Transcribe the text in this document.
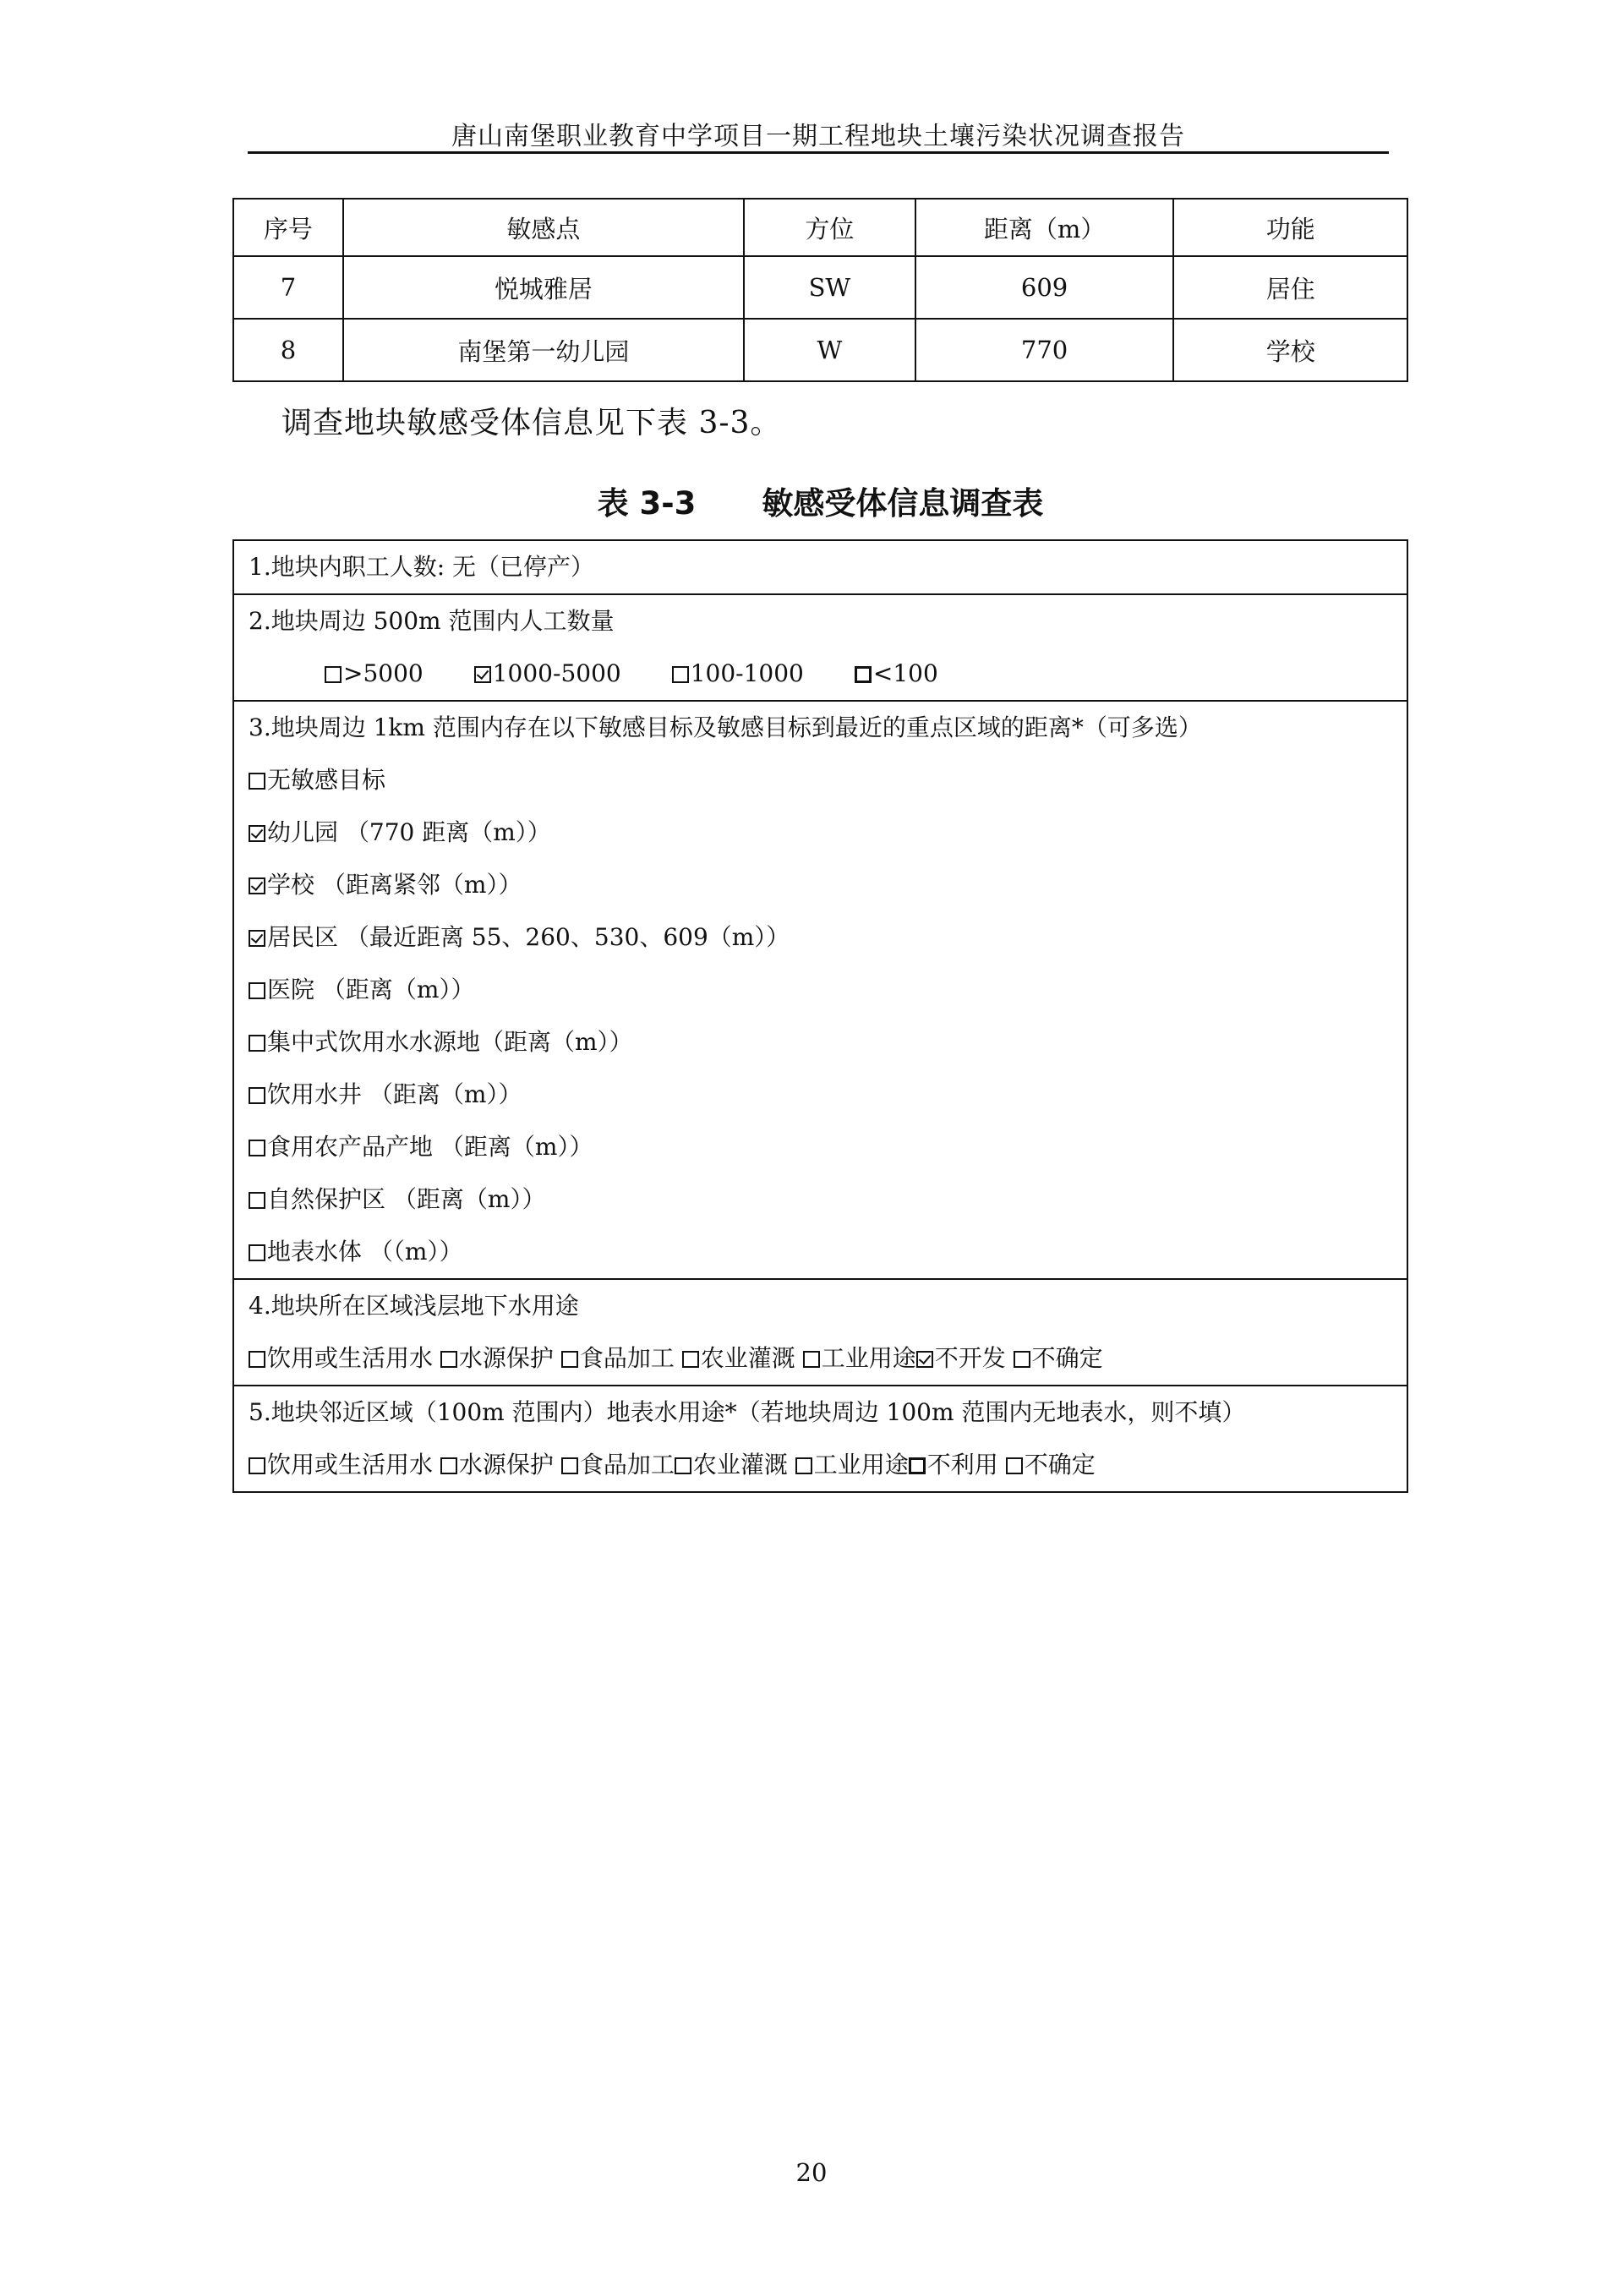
唐山南堡职业教育中学项目一期工程地块土壤污染状况调查报告
序号	敏感点	方位	距离（m）	功能
7	悦城雅居	SW	609	居住
8	南堡第一幼儿园	W	770	学校
调查地块敏感受体信息见下表 3-3。
表 3-3 敏感受体信息调查表
1.地块内职工人数: 无（已停产）
2.地块周边 500m 范围内人工数量
>5000	1000-5000	100-1000	<100
3.地块周边 1km 范围内存在以下敏感目标及敏感目标到最近的重点区域的距离*（可多选）
无敏感目标
幼儿园 （770 距离（m））
学校 （距离紧邻（m））
居民区 （最近距离 55、260、530、609（m））
医院 （距离（m））
集中式饮用水水源地（距离（m））
饮用水井 （距离（m））
食用农产品产地 （距离（m））
自然保护区 （距离（m））
地表水体 （（m））
4.地块所在区域浅层地下水用途
饮用或生活用水 水源保护 食品加工 农业灌溉 工业用途 不开发 不确定
5.地块邻近区域（100m 范围内）地表水用途*（若地块周边 100m 范围内无地表水，则不填）
饮用或生活用水 水源保护 食品加工 农业灌溉 工业用途 不利用 不确定
20
